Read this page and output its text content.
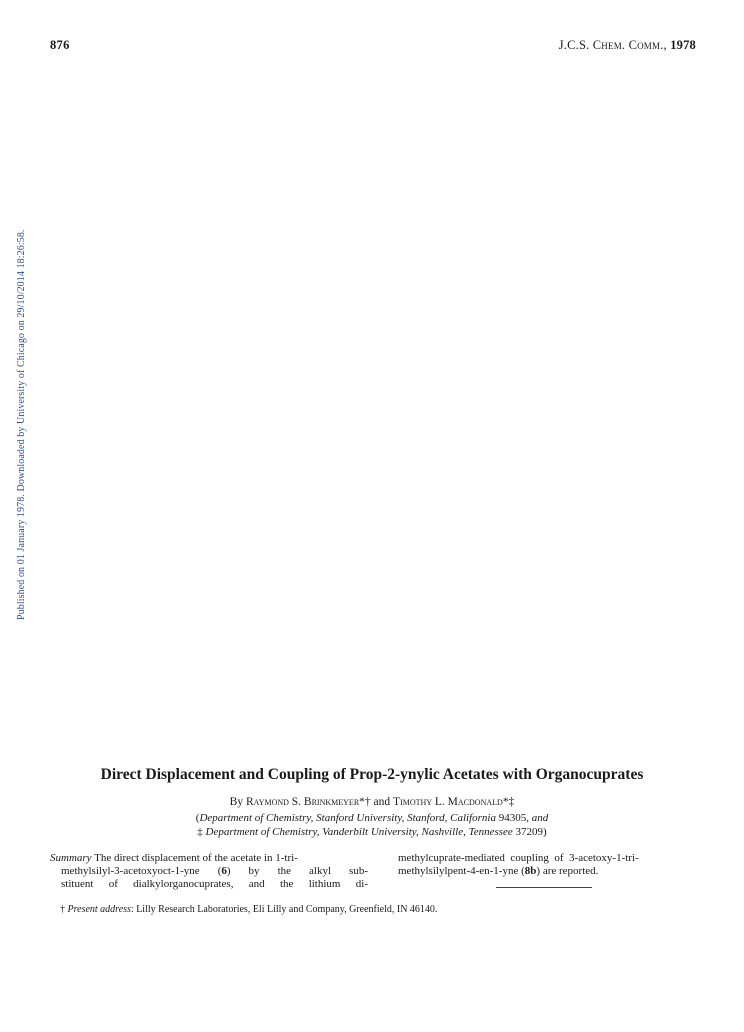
876	J.C.S. Chem. Comm., 1978
Published on 01 January 1978. Downloaded by University of Chicago on 29/10/2014 18:26:58.
Direct Displacement and Coupling of Prop-2-ynylic Acetates with Organocuprates
By Raymond S. Brinkmeyer*† and Timothy L. Macdonald*‡
(Department of Chemistry, Stanford University, Stanford, California 94305, and
‡ Department of Chemistry, Vanderbilt University, Nashville, Tennessee 37209)
Summary The direct displacement of the acetate in 1-tri-
methylsilyl-3-acetoxyoct-1-yne (6) by the alkyl sub-
stituent of dialkylorganocuprates, and the lithium di-
methylcuprate-mediated  coupling  of  3-acetoxy-1-tri-
methylsilylpent-4-en-1-yne (8b) are reported.
† Present address: Lilly Research Laboratories, Eli Lilly and Company, Greenfield, IN 46140.
